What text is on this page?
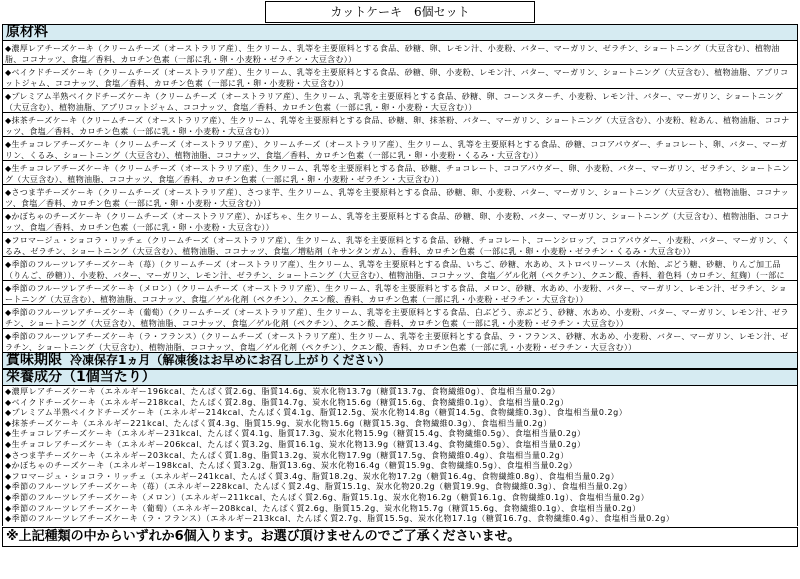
カットケーキ　6個セット
原材料
◆濃厚レアチーズケーキ（クリームチーズ（オーストラリア産）、生クリーム、乳等を主要原料とする食品、砂糖、卵、レモン汁、小麦粉、バター、マーガリン、ゼラチン、ショートニング（大豆含む）、植物油脂、ココナッツ、食塩／香料、カロチン色素（一部に乳・卵・小麦粉・ゼラチン・大豆含む））
◆ベイクドチーズケーキ（クリームチーズ（オーストラリア産）、生クリーム、乳等を主要原料とする食品、砂糖、卵、小麦粉、レモン汁、バター、マーガリン、ショートニング（大豆含む）、植物油脂、アプリコットジャム、ココナッツ、食塩／香料、カロチン色素（一部に乳・卵・小麦粉・大豆含む））
◆プレミアム半熟ベイクドチーズケーキ（クリームチーズ（オーストラリア産）、生クリーム、乳等を主要原料とする食品、砂糖、卵、コーンスターチ、小麦粉、レモン汁、バター、マーガリン、ショートニング（大豆含む）、植物油脂、アプリコットジャム、ココナッツ、食塩／香料、カロチン色素（一部に乳・卵・小麦粉・大豆含む））
◆抹茶チーズケーキ（クリームチーズ（オーストラリア産）、生クリーム、乳等を主要原料とする食品、砂糖、卵、抹茶粉、バター、マーガリン、ショートニング（大豆含む）、小麦粉、粒あん、植物油脂、ココナッツ、食塩／香料、カロチン色素（一部に乳・卵・小麦粉・大豆含む））
◆生チョコレアチーズケーキ（クリームチーズ（オーストラリア産）、クリームチーズ（オーストラリア産）、生クリーム、乳等を主要原料とする食品、砂糖、ココアパウダー、チョコレート、卵、バター、マーガリン、くるみ、ショートニング（大豆含む）、植物油脂、ココナッツ、食塩／香料、カロチン色素（一部に乳・卵・小麦粉・くるみ・大豆含む））
◆生チョコレアチーズケーキ（クリームチーズ（オーストラリア産）、生クリーム、乳等を主要原料とする食品、砂糖、チョコレート、ココアパウダー、卵、小麦粉、バター、マーガリン、ゼラチン、ショートニング（大豆含む）、植物油脂、ココナッツ、食塩／香料、カロチン色素（一部に乳・卵・小麦粉・ゼラチン・大豆含む））
◆さつま芋チーズケーキ（クリームチーズ（オーストラリア産）、さつま芋、生クリーム、乳等を主要原料とする食品、砂糖、卵、小麦粉、バター、マーガリン、ショートニング（大豆含む）、植物油脂、ココナッツ、食塩／香料、カロチン色素（一部に乳・卵・小麦粉・大豆含む））
◆かぼちゃのチーズケーキ（クリームチーズ（オーストラリア産）、かぼちゃ、生クリーム、乳等を主要原料とする食品、砂糖、卵、小麦粉、バター、マーガリン、ショートニング（大豆含む）、植物油脂、ココナッツ、食塩／香料、カロチン色素（一部に乳・卵・小麦粉・大豆含む））
◆フロマージュ・ショコラ・リッチェ（クリームチーズ（オーストラリア産）、生クリーム、乳等を主要原料とする食品、砂糖、チョコレート、コーンシロップ、ココアパウダー、小麦粉、バター、マーガリン、くるみ、ゼラチン、ショートニング（大豆含む）、植物油脂、ココナッツ、食塩／増粘剤（キサンタンガム）、香料、カロチン色素（一部に乳・卵・小麦粉・ゼラチン・くるみ・大豆含む））
◆季節のフルーツレアチーズケーキ（苺）（クリームチーズ（オーストラリア産）、生クリーム、乳等を主要原料とする食品、いちご、砂糖、水あめ、ストロベリーソース（水飴、ぶどう糖、砂糖、りんご加工品（りんご、砂糖））、小麦粉、バター、マーガリン、レモン汁、ゼラチン、ショートニング（大豆含む）、植物油脂、ココナッツ、食塩／ゲル化剤（ペクチン）、クエン酸、香料、着色料（カロチン、紅麹）（一部に
◆季節のフルーツレアチーズケーキ（メロン）（クリームチーズ（オーストラリア産）、生クリーム、乳等を主要原料とする食品、メロン、砂糖、水あめ、小麦粉、バター、マーガリン、レモン汁、ゼラチン、ショートニング（大豆含む）、植物油脂、ココナッツ、食塩／ゲル化剤（ペクチン）、クエン酸、香料、カロチン色素（一部に乳・小麦粉・ゼラチン・大豆含む））
◆季節のフルーツレアチーズケーキ（葡萄）（クリームチーズ（オーストラリア産）、生クリーム、乳等を主要原料とする食品、白ぶどう、赤ぶどう、砂糖、水あめ、小麦粉、バター、マーガリン、レモン汁、ゼラチン、ショートニング（大豆含む）、植物油脂、ココナッツ、食塩／ゲル化剤（ペクチン）、クエン酸、香料、カロチン色素（一部に乳・小麦粉・ゼラチン・大豆含む））
◆季節のフルーツレアチーズケーキ（ラ・フランス）（クリームチーズ（オーストラリア産）、生クリーム、乳等を主要原料とする食品、ラ・フランス、砂糖、水あめ、小麦粉、バター、マーガリン、レモン汁、ゼラチン、ショートニング（大豆含む）、植物油脂、ココナッツ、食塩／ゲル化剤（ペクチン）、クエン酸、香料、カロチン色素（一部に乳・小麦粉・ゼラチン・大豆含む））
賞味期限 冷凍保存1ヵ月（解凍後はお早めにお召し上がりください）
栄養成分（1個当たり）
◆濃厚レアチーズケーキ（エネルギー196kcal、たんぱく質2.6g、脂質14.6g、炭水化物13.7g（糖質13.7g、食物繊維0g）、食塩相当量0.2g）
◆ベイクドチーズケーキ（エネルギー218kcal、たんぱく質2.8g、脂質14.7g、炭水化物15.6g（糖質15.6g、食物繊維0.1g）、食塩相当量0.2g）
◆プレミアム半熟ベイクドチーズケーキ（エネルギー214kcal、たんぱく質4.1g、脂質12.5g、炭水化物14.8g（糖質14.5g、食物繊維0.3g）、食塩相当量0.2g）
◆抹茶チーズケーキ（エネルギー221kcal、たんぱく質4.3g、脂質15.9g、炭水化物15.6g（糖質15.3g、食物繊維0.3g）、食塩相当量0.2g）
◆生チョコレアチーズケーキ（エネルギー231kcal、たんぱく質4.1g、脂質17.3g、炭水化物15.9g（糖質15.4g、食物繊維0.5g）、食塩相当量0.2g）
◆生チョコレアチーズケーキ（エネルギー206kcal、たんぱく質3.2g、脂質16.1g、炭水化物13.9g（糖質13.4g、食物繊維0.5g）、食塩相当量0.2g）
◆さつま芋チーズケーキ（エネルギー203kcal、たんぱく質1.8g、脂質13.2g、炭水化物17.9g（糖質17.5g、食物繊維0.4g）、食塩相当量0.2g）
◆かぼちゃのチーズケーキ（エネルギー198kcal、たんぱく質3.2g、脂質13.6g、炭水化物16.4g（糖質15.9g、食物繊維0.5g）、食塩相当量0.2g）
◆フロマージュ・ショコラ・リッチェ（エネルギー241kcal、たんぱく質3.4g、脂質18.2g、炭水化物17.2g（糖質16.4g、食物繊維0.8g）、食塩相当量0.2g）
◆季節のフルーツレアチーズケーキ（苺）（エネルギー228kcal、たんぱく質2.4g、脂質15.1g、炭水化物20.2g（糖質19.9g、食物繊維0.3g）、食塩相当量0.2g）
◆季節のフルーツレアチーズケーキ（メロン）（エネルギー211kcal、たんぱく質2.6g、脂質15.1g、炭水化物16.2g（糖質16.1g、食物繊維0.1g）、食塩相当量0.2g）
◆季節のフルーツレアチーズケーキ（葡萄）（エネルギー208kcal、たんぱく質2.6g、脂質15.2g、炭水化物15.7g（糖質15.6g、食物繊維0.1g）、食塩相当量0.2g）
◆季節のフルーツレアチーズケーキ（ラ・フランス）（エネルギー213kcal、たんぱく質2.7g、脂質15.5g、炭水化物17.1g（糖質16.7g、食物繊維0.4g）、食塩相当量0.2g）
※上記種類の中からいずれか6個入ります。お選び頂けませんのでご了承くださいませ。
